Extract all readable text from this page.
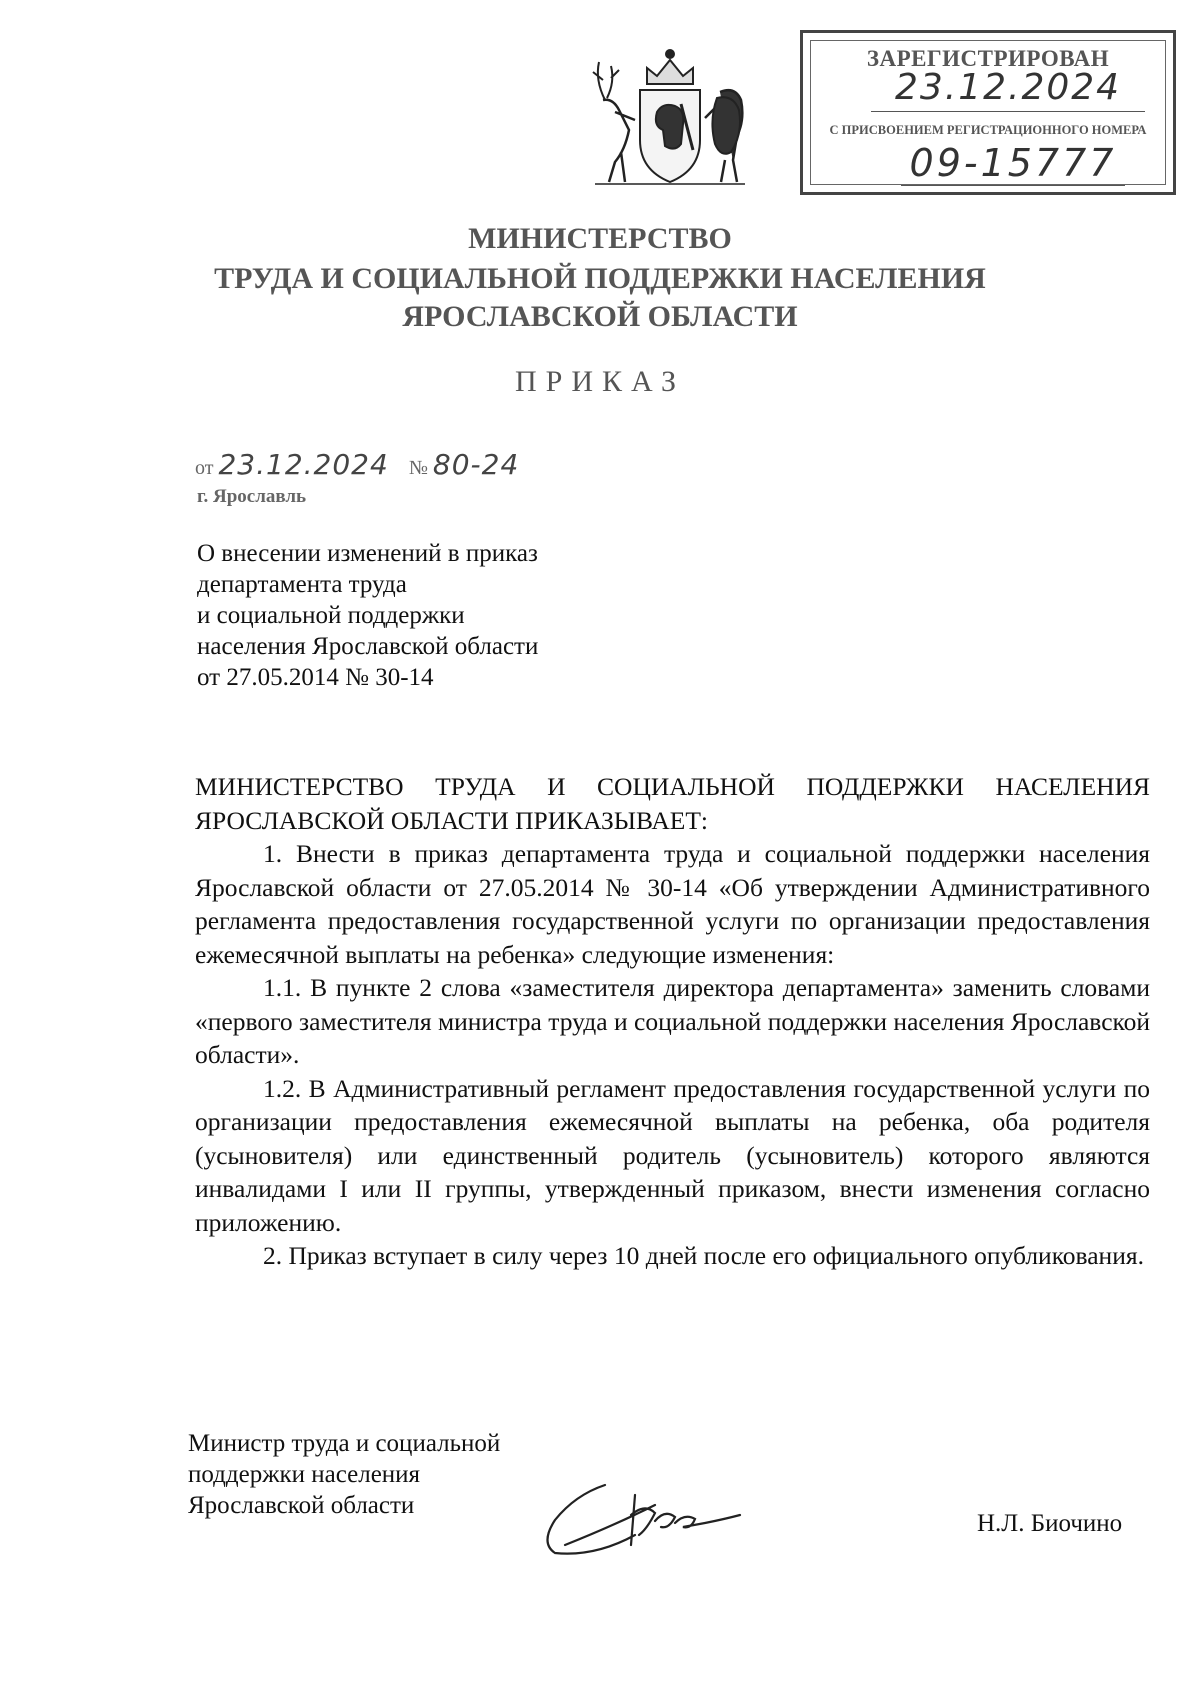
ЗАРЕГИСТРИРОВАН
23.12.2024
С ПРИСВОЕНИЕМ РЕГИСТРАЦИОННОГО НОМЕРА
09-15777
МИНИСТЕРСТВО
ТРУДА И СОЦИАЛЬНОЙ ПОДДЕРЖКИ НАСЕЛЕНИЯ
ЯРОСЛАВСКОЙ ОБЛАСТИ
ПРИКАЗ
от 23.12.2024 № 80-24
г. Ярославль
О внесении изменений в приказ
департамента труда
и социальной поддержки
населения Ярославской области
от 27.05.2014 № 30-14

МИНИСТЕРСТВО ТРУДА И СОЦИАЛЬНОЙ ПОДДЕРЖКИ НАСЕЛЕНИЯ ЯРОСЛАВСКОЙ ОБЛАСТИ ПРИКАЗЫВАЕТ:

1. Внести в приказ департамента труда и социальной поддержки населения Ярославской области от 27.05.2014 № 30-14 «Об утверждении Административного регламента предоставления государственной услуги по организации предоставления ежемесячной выплаты на ребенка» следующие изменения:

1.1. В пункте 2 слова «заместителя директора департамента» заменить словами «первого заместителя министра труда и социальной поддержки населения Ярославской области».

1.2. В Административный регламент предоставления государственной услуги по организации предоставления ежемесячной выплаты на ребенка, оба родителя (усыновителя) или единственный родитель (усыновитель) которого являются инвалидами I или II группы, утвержденный приказом, внести изменения согласно приложению.

2. Приказ вступает в силу через 10 дней после его официального опубликования.

Министр труда и социальной
поддержки населения
Ярославской области
Н.Л. Биочино
